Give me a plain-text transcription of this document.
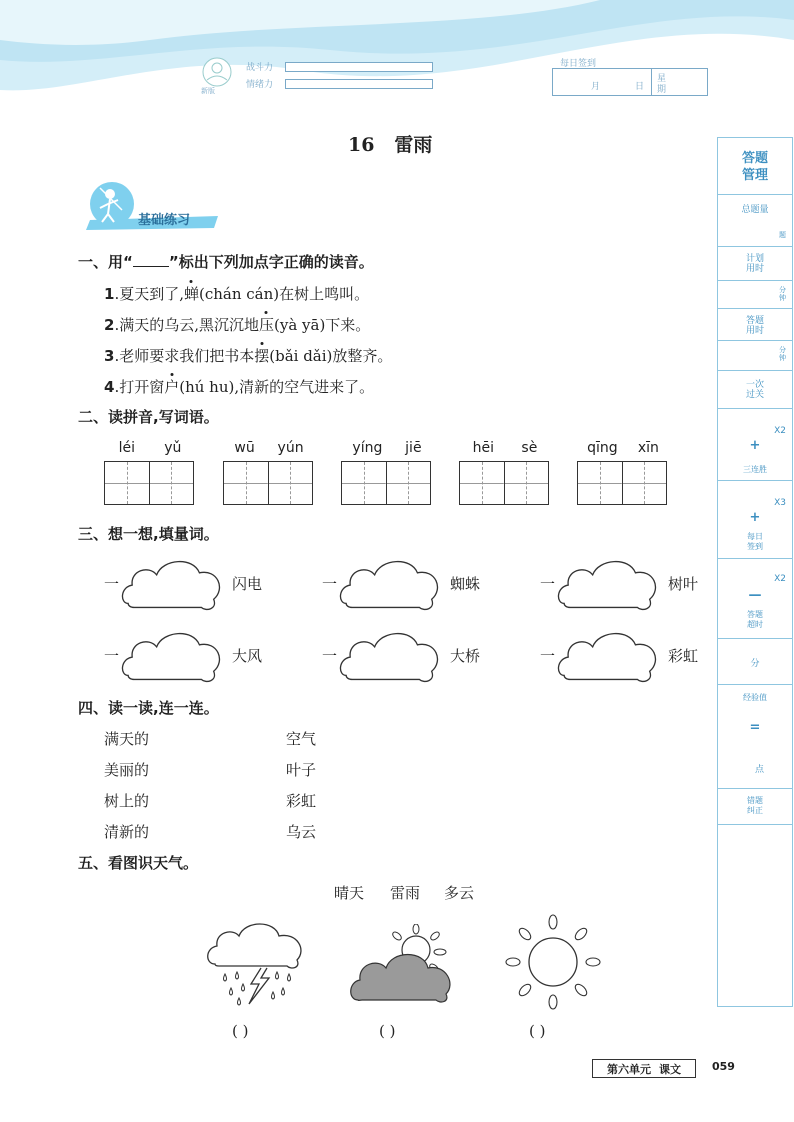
新版
战斗力
情绪力
每日签到
月	日
星
期
16 雷雨
基础练习
一、用“ ”标出下列加点字正确的读音。
1.夏天到了,蝉(chán cán)在树上鸣叫。
2.满天的乌云,黑沉沉地压(yà yā)下来。
3.老师要求我们把书本摆(bǎi dǎi)放整齐。
4.打开窗户(hú hu),清新的空气进来了。
二、读拼音,写词语。
léi yǔ	wū yún	yíng jiē	hēi sè	qīng xīn
三、想一想,填量词。
一	闪电	一	蜘蛛	一	树叶
一	大风	一	大桥	一	彩虹
四、读一读,连一连。
满天的
美丽的
树上的
清新的
空气
叶子
彩虹
乌云
五、看图识天气。
晴天 雷雨 多云
( )	( )	( )
答题
管理
总题量
题
计划
用时
分
钟
答题
用时
分
钟
一次
过关
X2
+
三连胜
X3
+
每日
签到
X2
—
答题
超时
分
经验值
=
点
错题
纠正
第六单元 课文	059
